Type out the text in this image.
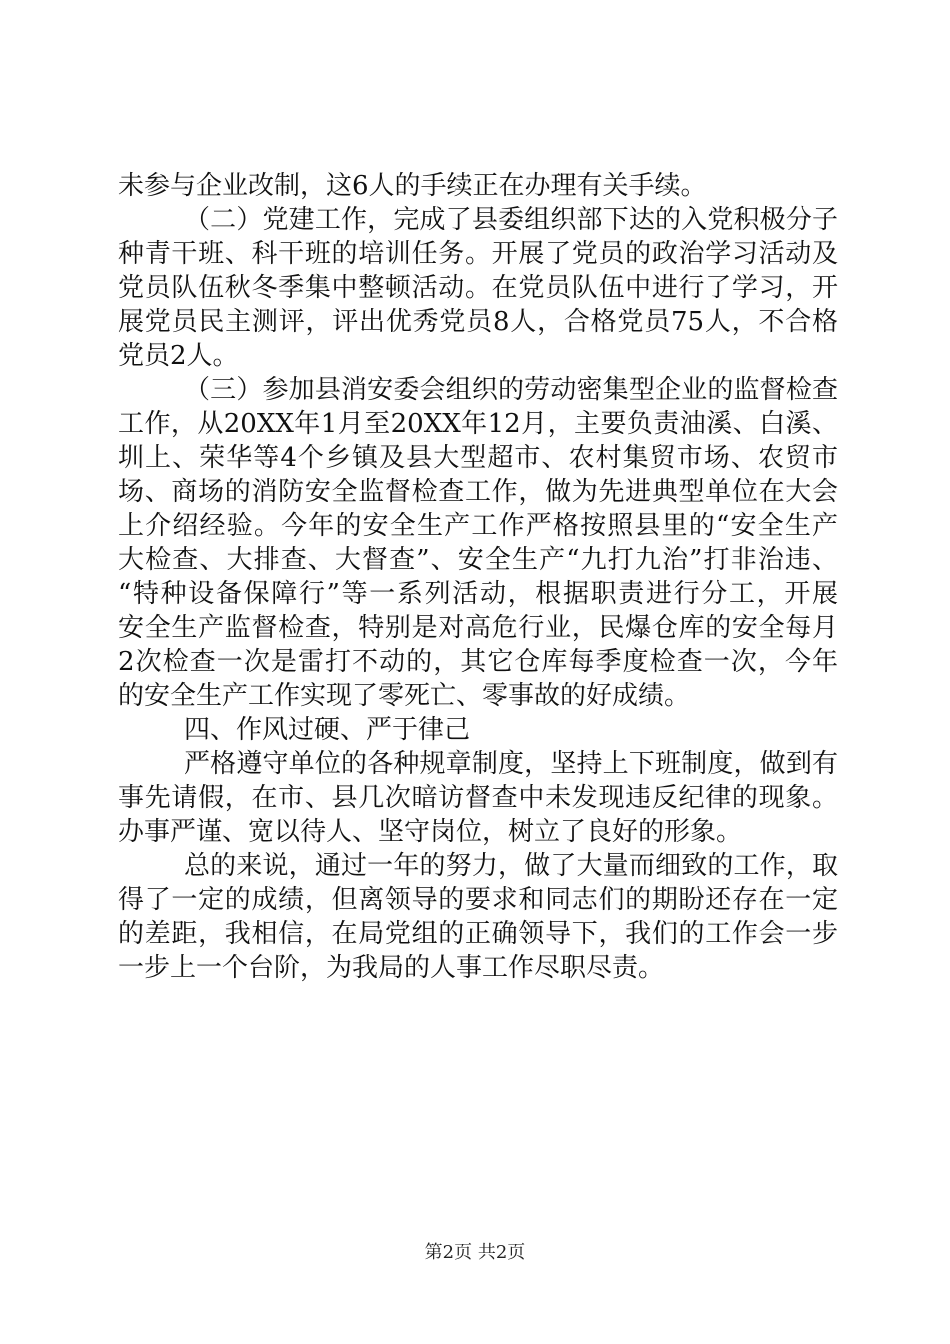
未参与企业改制，这6人的手续正在办理有关手续。
（二）党建工作，完成了县委组织部下达的入党积极分子
种青干班、科干班的培训任务。开展了党员的政治学习活动及
党员队伍秋冬季集中整顿活动。在党员队伍中进行了学习，开
展党员民主测评，评出优秀党员8人，合格党员75人，不合格
党员2人。
（三）参加县消安委会组织的劳动密集型企业的监督检查
工作，从20XX年1月至20XX年12月，主要负责油溪、白溪、
圳上、荣华等4个乡镇及县大型超市、农村集贸市场、农贸市
场、商场的消防安全监督检查工作，做为先进典型单位在大会
上介绍经验。今年的安全生产工作严格按照县里的“安全生产
大检查、大排查、大督查”、安全生产“九打九治”打非治违、
“特种设备保障行”等一系列活动，根据职责进行分工，开展
安全生产监督检查，特别是对高危行业，民爆仓库的安全每月
2次检查一次是雷打不动的，其它仓库每季度检查一次，今年
的安全生产工作实现了零死亡、零事故的好成绩。
四、作风过硬、严于律己
严格遵守单位的各种规章制度，坚持上下班制度，做到有
事先请假，在市、县几次暗访督查中未发现违反纪律的现象。
办事严谨、宽以待人、坚守岗位，树立了良好的形象。
总的来说，通过一年的努力，做了大量而细致的工作，取
得了一定的成绩，但离领导的要求和同志们的期盼还存在一定
的差距，我相信，在局党组的正确领导下，我们的工作会一步
一步上一个台阶，为我局的人事工作尽职尽责。
第2页 共2页
